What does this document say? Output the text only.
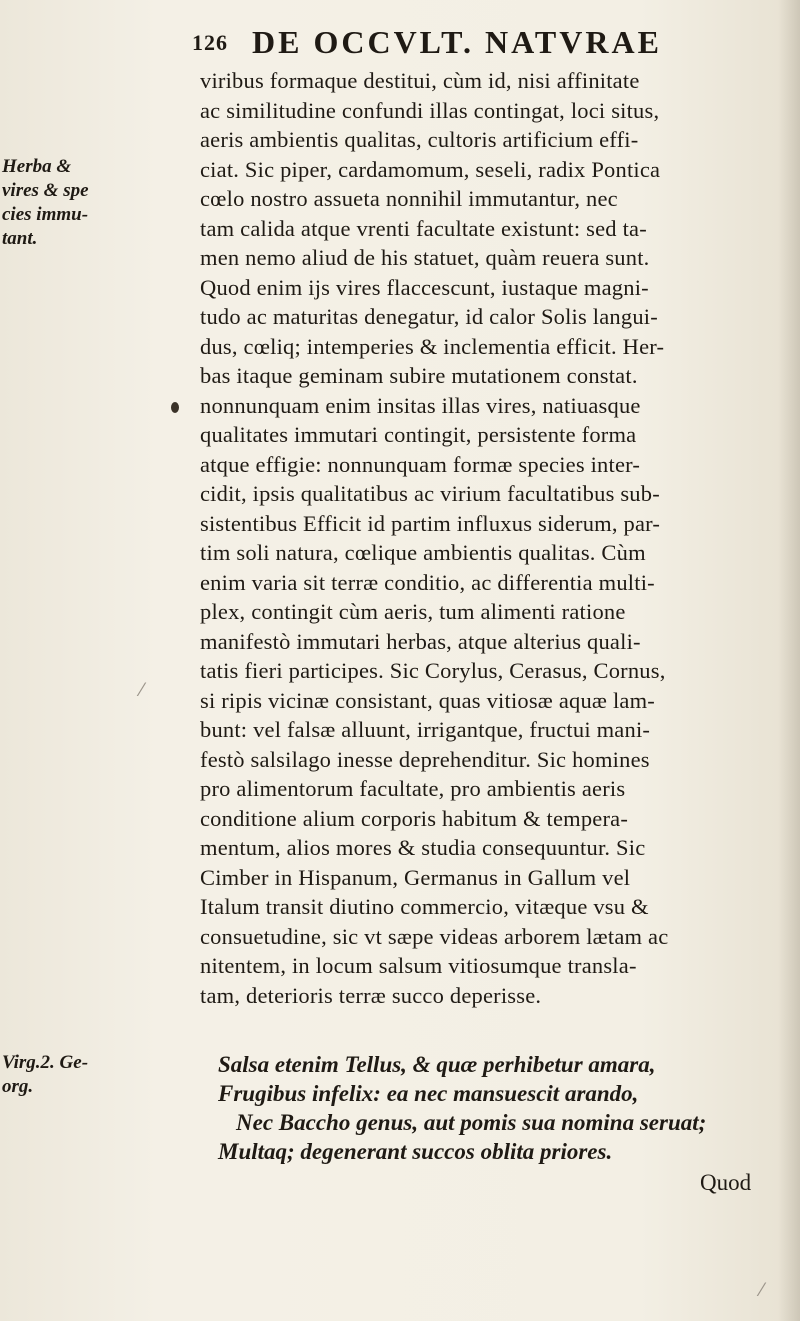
126 DE OCCVLT. NATVRAE
Herba &
vires & spe
cies immu-
tant.
viribus formaque destitui, cùm id, nisi affinitate
ac similitudine confundi illas contingat, loci situs,
aeris ambientis qualitas, cultoris artificium effi-
ciat. Sic piper, cardamomum, seseli, radix Pontica
cœlo nostro assueta nonnihil immutantur, nec
tam calida atque vrenti facultate existunt: sed ta-
men nemo aliud de his statuet, quàm reuera sunt.
Quod enim ijs vires flaccescunt, iustaque magni-
tudo ac maturitas denegatur, id calor Solis langui-
dus, cœliq; intemperies & inclementia efficit. Her-
bas itaque geminam subire mutationem constat.
nonnunquam enim insitas illas vires, natiuasque
qualitates immutari contingit, persistente forma
atque effigie: nonnunquam formæ species inter-
cidit, ipsis qualitatibus ac virium facultatibus sub-
sistentibus Efficit id partim influxus siderum, par-
tim soli natura, cœlique ambientis qualitas. Cùm
enim varia sit terræ conditio, ac differentia multi-
plex, contingit cùm aeris, tum alimenti ratione
manifestò immutari herbas, atque alterius quali-
tatis fieri participes. Sic Corylus, Cerasus, Cornus,
si ripis vicinæ consistant, quas vitiosæ aquæ lam-
bunt: vel falsæ alluunt, irrigantque, fructui mani-
festò salsilago inesse deprehenditur. Sic homines
pro alimentorum facultate, pro ambientis aeris
conditione alium corporis habitum & tempera-
mentum, alios mores & studia consequuntur. Sic
Cimber in Hispanum, Germanus in Gallum vel
Italum transit diutino commercio, vitæque vsu &
consuetudine, sic vt sæpe videas arborem lætam ac
nitentem, in locum salsum vitiosumque transla-
tam, deterioris terræ succo deperisse.
Virg.2. Ge-
org.
Salsa etenim Tellus, & quæ perhibetur amara,
Frugibus infelix: ea nec mansuescit arando,
Nec Baccho genus, aut pomis sua nomina seruat;
Multaq; degenerant succos oblita priores.
Quod
⁄
⁄
